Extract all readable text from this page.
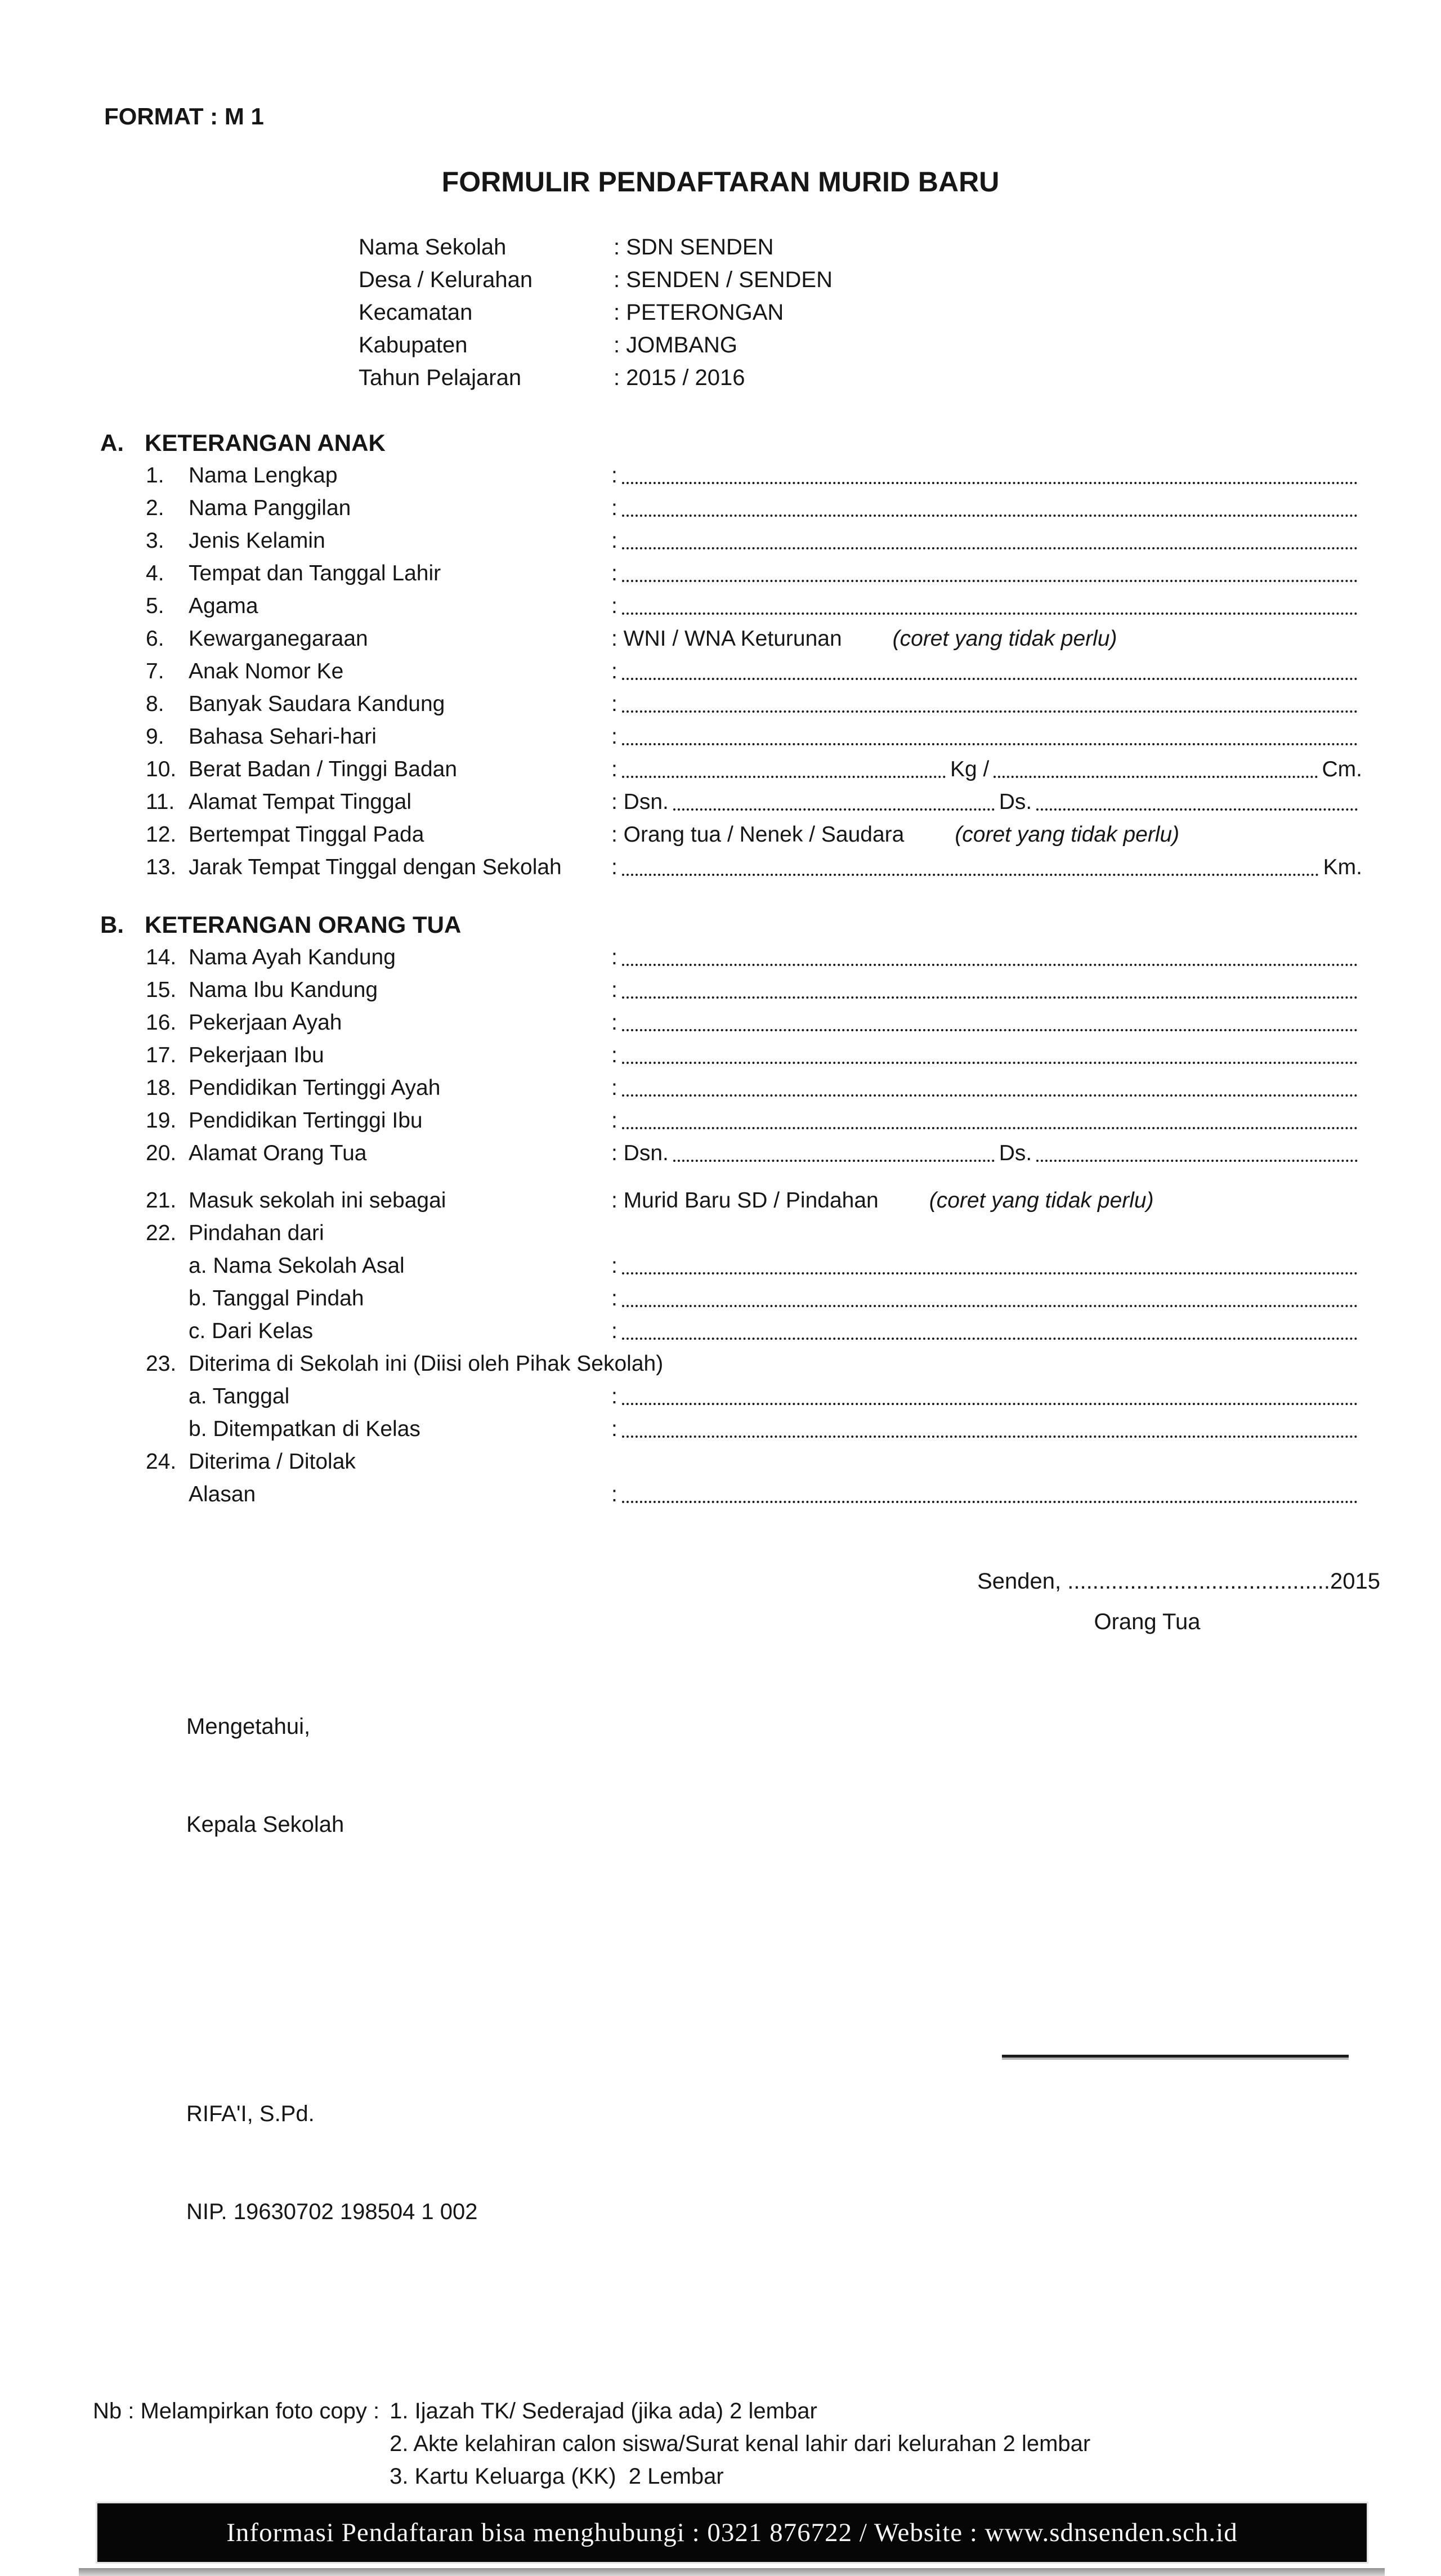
FORMAT : M 1
FORMULIR PENDAFTARAN MURID BARU
Nama Sekolah	: SDN SENDEN
Desa / Kelurahan	: SENDEN / SENDEN
Kecamatan	: PETERONGAN
Kabupaten	: JOMBANG
Tahun Pelajaran	: 2015 / 2016
A. KETERANGAN ANAK
1.	Nama Lengkap	:
2.	Nama Panggilan	:
3.	Jenis Kelamin	:
4.	Tempat dan Tanggal Lahir	:
5.	Agama	:
6.	Kewarganegaraan	: WNI / WNA Keturunan (coret yang tidak perlu)
7.	Anak Nomor Ke	:
8.	Banyak Saudara Kandung	:
9.	Bahasa Sehari-hari	:
10. Berat Badan / Tinggi Badan	:	Kg /	Cm.
11. Alamat Tempat Tinggal	: Dsn.	Ds.
12. Bertempat Tinggal Pada	: Orang tua / Nenek / Saudara (coret yang tidak perlu)
13. Jarak Tempat Tinggal dengan Sekolah	:	Km.
B. KETERANGAN ORANG TUA
14. Nama Ayah Kandung	:
15. Nama Ibu Kandung	:
16. Pekerjaan Ayah	:
17. Pekerjaan Ibu	:
18. Pendidikan Tertinggi Ayah	:
19. Pendidikan Tertinggi Ibu	:
20. Alamat Orang Tua	: Dsn.	Ds.
21. Masuk sekolah ini sebagai	: Murid Baru SD / Pindahan (coret yang tidak perlu)
22. Pindahan dari
a. Nama Sekolah Asal	:
b. Tanggal Pindah	:
c. Dari Kelas	:
23. Diterima di Sekolah ini (Diisi oleh Pihak Sekolah)
a. Tanggal	:
b. Ditempatkan di Kelas	:
24. Diterima / Ditolak
Alasan	:
Senden, ..........................................2015
Orang Tua

Mengetahui,

Kepala Sekolah

RIFA'I, S.Pd.

NIP. 19630702 198504 1 002

Nb : Melampirkan foto copy : 1. Ijazah TK/ Sederajad (jika ada) 2 lembar
2. Akte kelahiran calon siswa/Surat kenal lahir dari kelurahan 2 lembar
3. Kartu Keluarga (KK)  2 Lembar
Informasi Pendaftaran bisa menghubungi : 0321 876722 / Website : www.sdnsenden.sch.id
